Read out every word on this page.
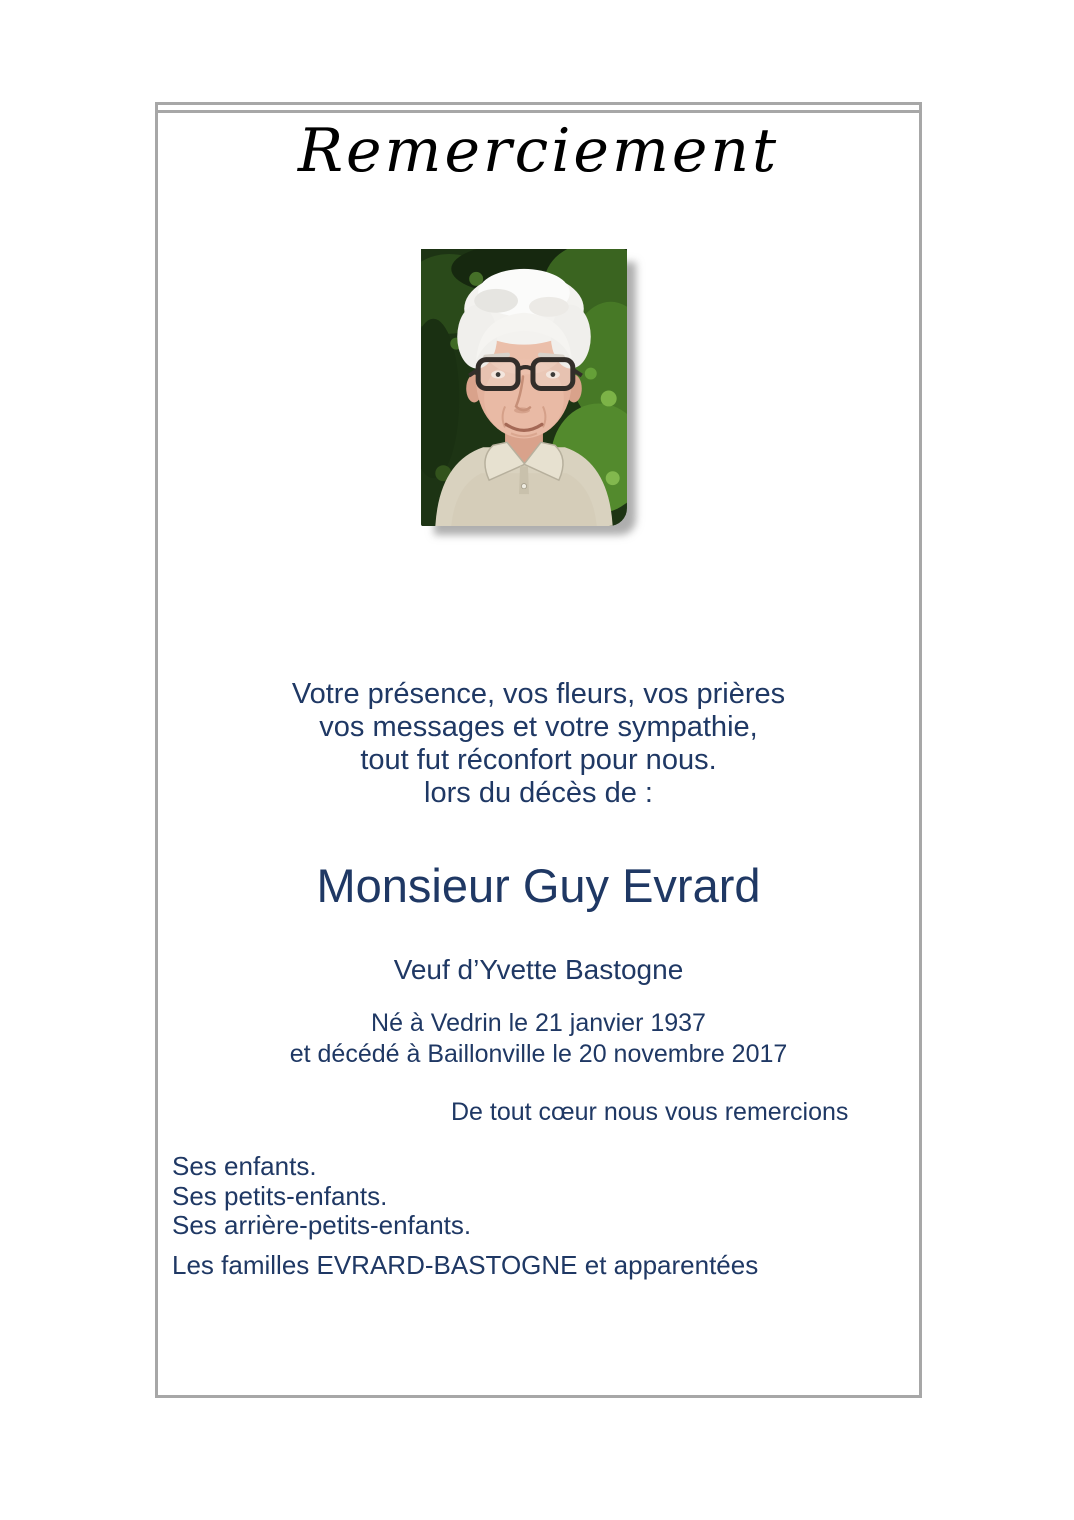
Remerciement
Votre présence, vos fleurs, vos prières
vos messages et votre sympathie,
tout fut réconfort pour nous.
lors du décès de :
Monsieur Guy Evrard
Veuf d’Yvette Bastogne
Né à Vedrin le 21 janvier 1937
et décédé à Baillonville le 20 novembre 2017
De tout cœur nous vous remercions
Ses enfants.
Ses petits-enfants.
Ses arrière-petits-enfants.
Les familles EVRARD-BASTOGNE et apparentées
